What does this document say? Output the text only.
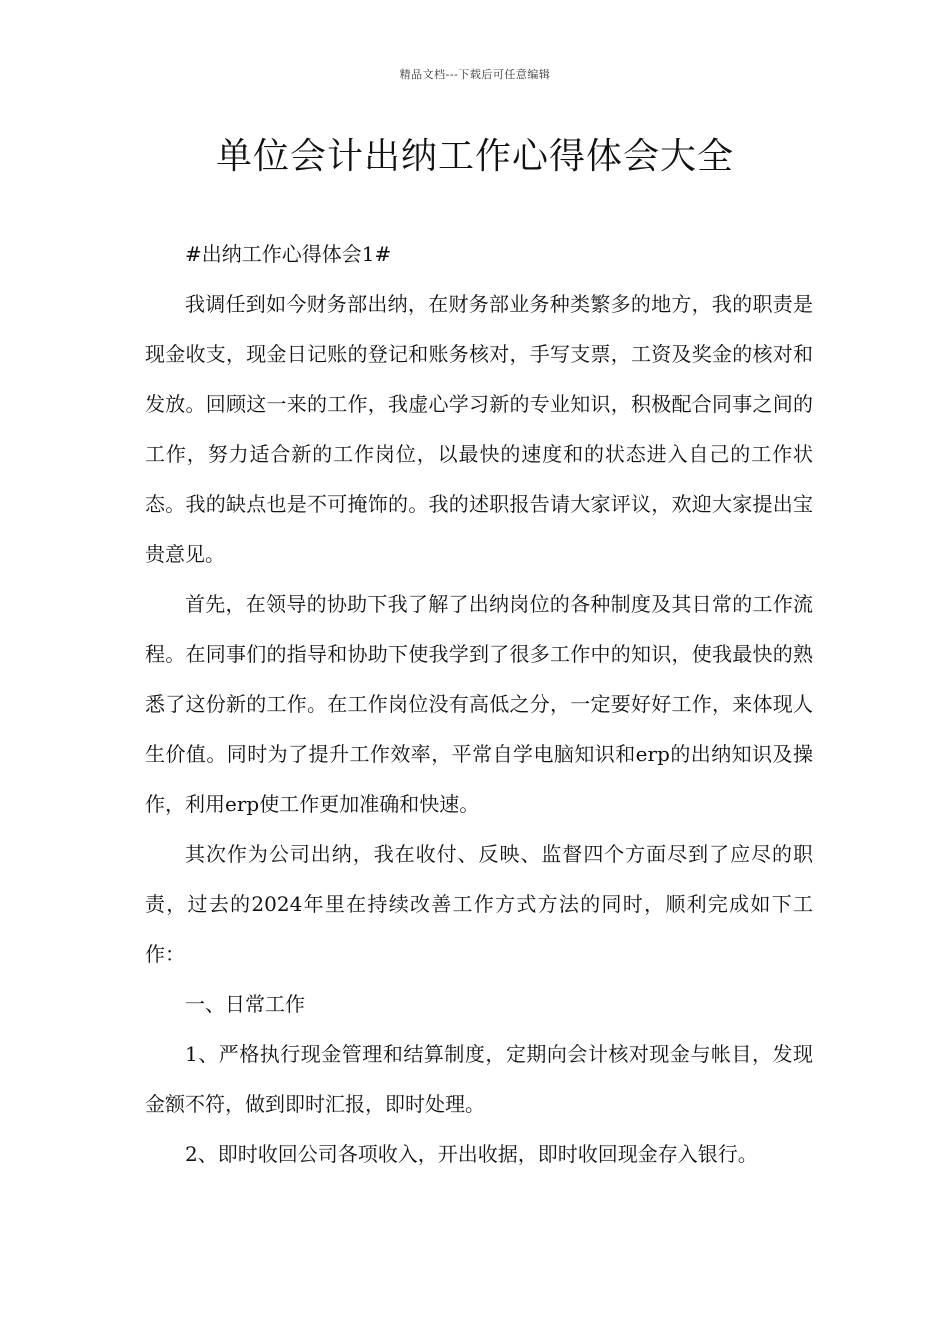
精品文档---下载后可任意编辑
单位会计出纳工作心得体会大全

#出纳工作心得体会1#

我调任到如今财务部出纳，在财务部业务种类繁多的地方，我的职责是现金收支，现金日记账的登记和账务核对，手写支票，工资及奖金的核对和发放。回顾这一来的工作，我虚心学习新的专业知识，积极配合同事之间的工作，努力适合新的工作岗位，以最快的速度和的状态进入自己的工作状态。我的缺点也是不可掩饰的。我的述职报告请大家评议，欢迎大家提出宝贵意见。

首先，在领导的协助下我了解了出纳岗位的各种制度及其日常的工作流程。在同事们的指导和协助下使我学到了很多工作中的知识，使我最快的熟悉了这份新的工作。在工作岗位没有高低之分，一定要好好工作，来体现人生价值。同时为了提升工作效率，平常自学电脑知识和erp的出纳知识及操作，利用erp使工作更加准确和快速。

其次作为公司出纳，我在收付、反映、监督四个方面尽到了应尽的职责，过去的2024年里在持续改善工作方式方法的同时，顺利完成如下工作：

一、日常工作

1、严格执行现金管理和结算制度，定期向会计核对现金与帐目，发现金额不符，做到即时汇报，即时处理。

2、即时收回公司各项收入，开出收据，即时收回现金存入银行。
